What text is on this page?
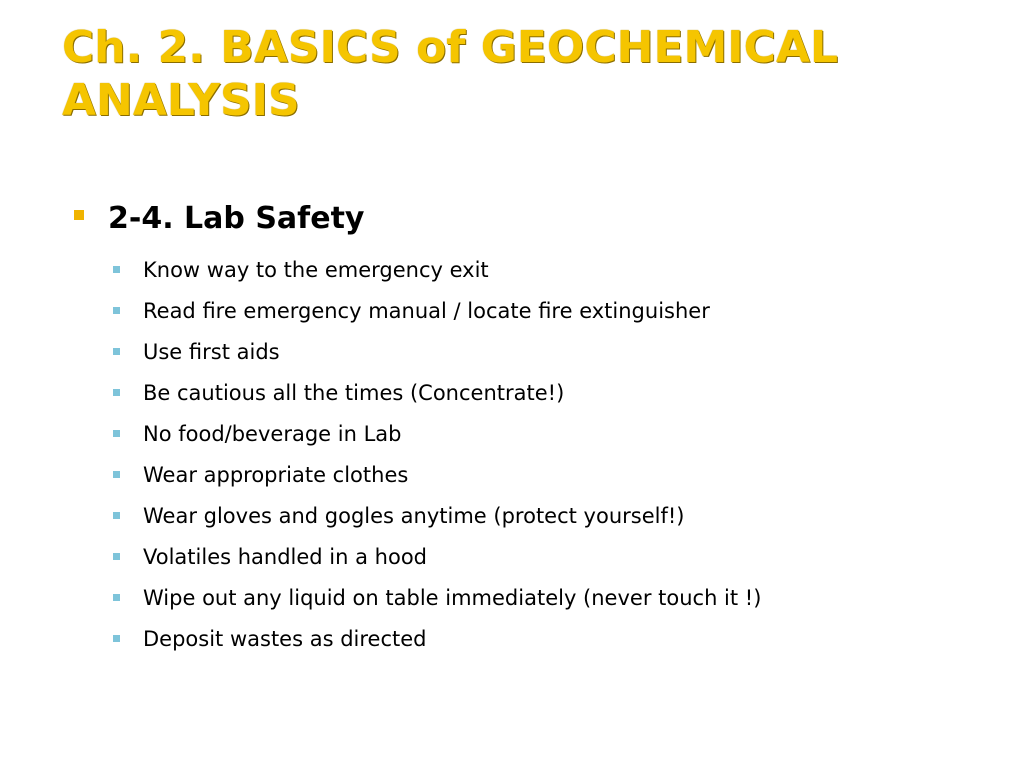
Ch. 2. BASICS of GEOCHEMICAL
ANALYSIS
2-4. Lab Safety
Know way to the emergency exit
Read fire emergency manual / locate fire extinguisher
Use first aids
Be cautious all the times (Concentrate!)
No food/beverage in Lab
Wear appropriate clothes
Wear gloves and gogles anytime (protect yourself!)
Volatiles handled in a hood
Wipe out any liquid on table immediately (never touch it !)
Deposit wastes as directed
